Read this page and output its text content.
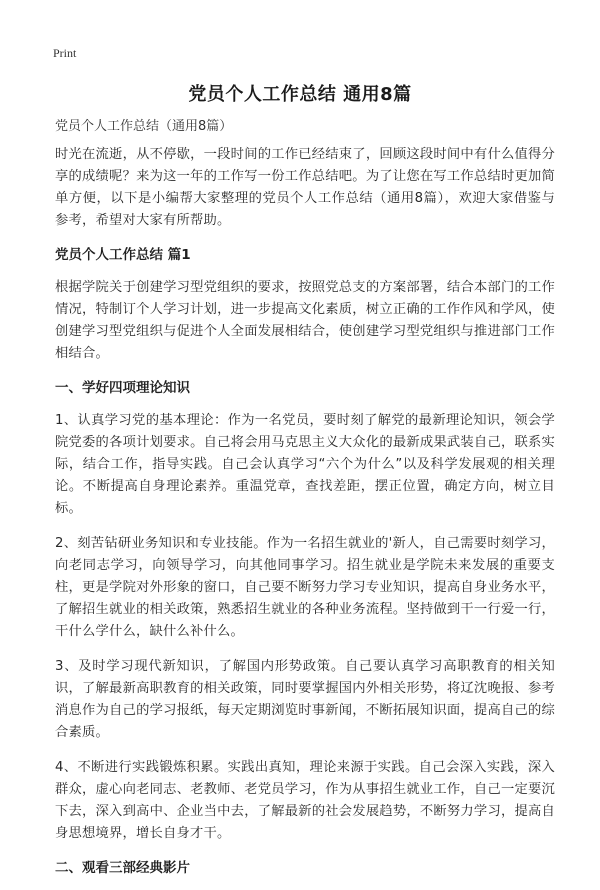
Print
党员个人工作总结 通用8篇
党员个人工作总结（通用8篇）

时光在流逝，从不停歇，一段时间的工作已经结束了，回顾这段时间中有什么值得分享的成绩呢？来为这一年的工作写一份工作总结吧。为了让您在写工作总结时更加简单方便，以下是小编帮大家整理的党员个人工作总结（通用8篇），欢迎大家借鉴与参考，希望对大家有所帮助。

党员个人工作总结 篇1

根据学院关于创建学习型党组织的要求，按照党总支的方案部署，结合本部门的工作情况，特制订个人学习计划，进一步提高文化素质，树立正确的工作作风和学风，使创建学习型党组织与促进个人全面发展相结合，使创建学习型党组织与推进部门工作相结合。

一、学好四项理论知识

1、认真学习党的基本理论：作为一名党员，要时刻了解党的最新理论知识，领会学院党委的各项计划要求。自己将会用马克思主义大众化的最新成果武装自己，联系实际，结合工作，指导实践。自己会认真学习“六个为什么”以及科学发展观的相关理论。不断提高自身理论素养。重温党章，查找差距，摆正位置，确定方向，树立目标。

2、刻苦钻研业务知识和专业技能。作为一名招生就业的'新人，自己需要时刻学习，向老同志学习，向领导学习，向其他同事学习。招生就业是学院未来发展的重要支柱，更是学院对外形象的窗口，自己要不断努力学习专业知识，提高自身业务水平，了解招生就业的相关政策，熟悉招生就业的各种业务流程。坚持做到干一行爱一行，干什么学什么，缺什么补什么。

3、及时学习现代新知识，了解国内形势政策。自己要认真学习高职教育的相关知识，了解最新高职教育的相关政策，同时要掌握国内外相关形势，将辽沈晚报、参考消息作为自己的学习报纸，每天定期浏览时事新闻，不断拓展知识面，提高自己的综合素质。

4、不断进行实践锻炼积累。实践出真知，理论来源于实践。自己会深入实践，深入群众，虚心向老同志、老教师、老党员学习，作为从事招生就业工作，自己一定要沉下去，深入到高中、企业当中去，了解最新的社会发展趋势，不断努力学习，提高自身思想境界，增长自身才干。

二、观看三部经典影片
